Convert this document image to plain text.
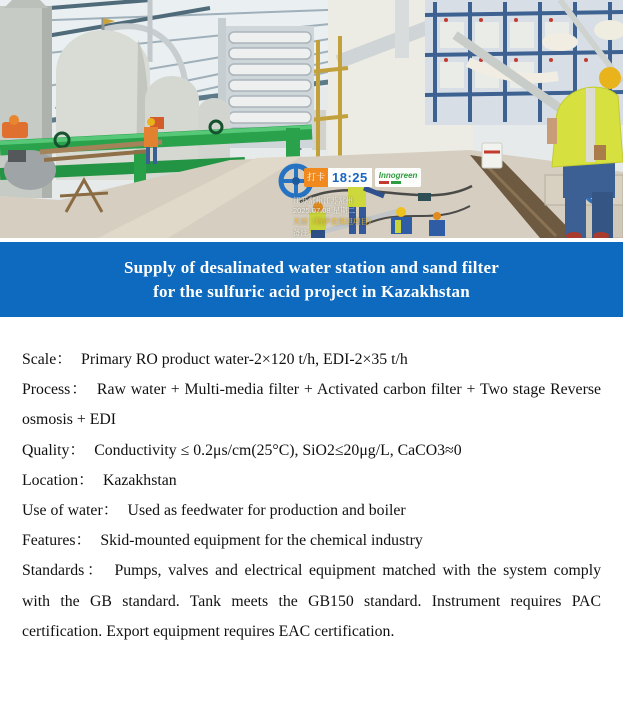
打卡 18:25	Innogreen
江苏常州江苏常州
2025.07.08 星期二
天辰（哈萨克斯坦项目）
备注:
Supply of desalinated water station and sand filter
for the sulfuric acid project in Kazakhstan

Scale： Primary RO product water-2×120 t/h, EDI-2×35 t/h

Process： Raw water + Multi-media filter + Activated carbon filter + Two stage Reverse osmosis + EDI

Quality： Conductivity ≤ 0.2μs/cm(25°C), SiO2≤20μg/L, CaCO3≈0

Location： Kazakhstan

Use of water： Used as feedwater for production and boiler

Features： Skid-mounted equipment for the chemical industry

Standards： Pumps, valves and electrical equipment matched with the system comply with the GB standard. Tank meets the GB150 standard. Instrument requires PAC certification. Export equipment requires EAC certification.
